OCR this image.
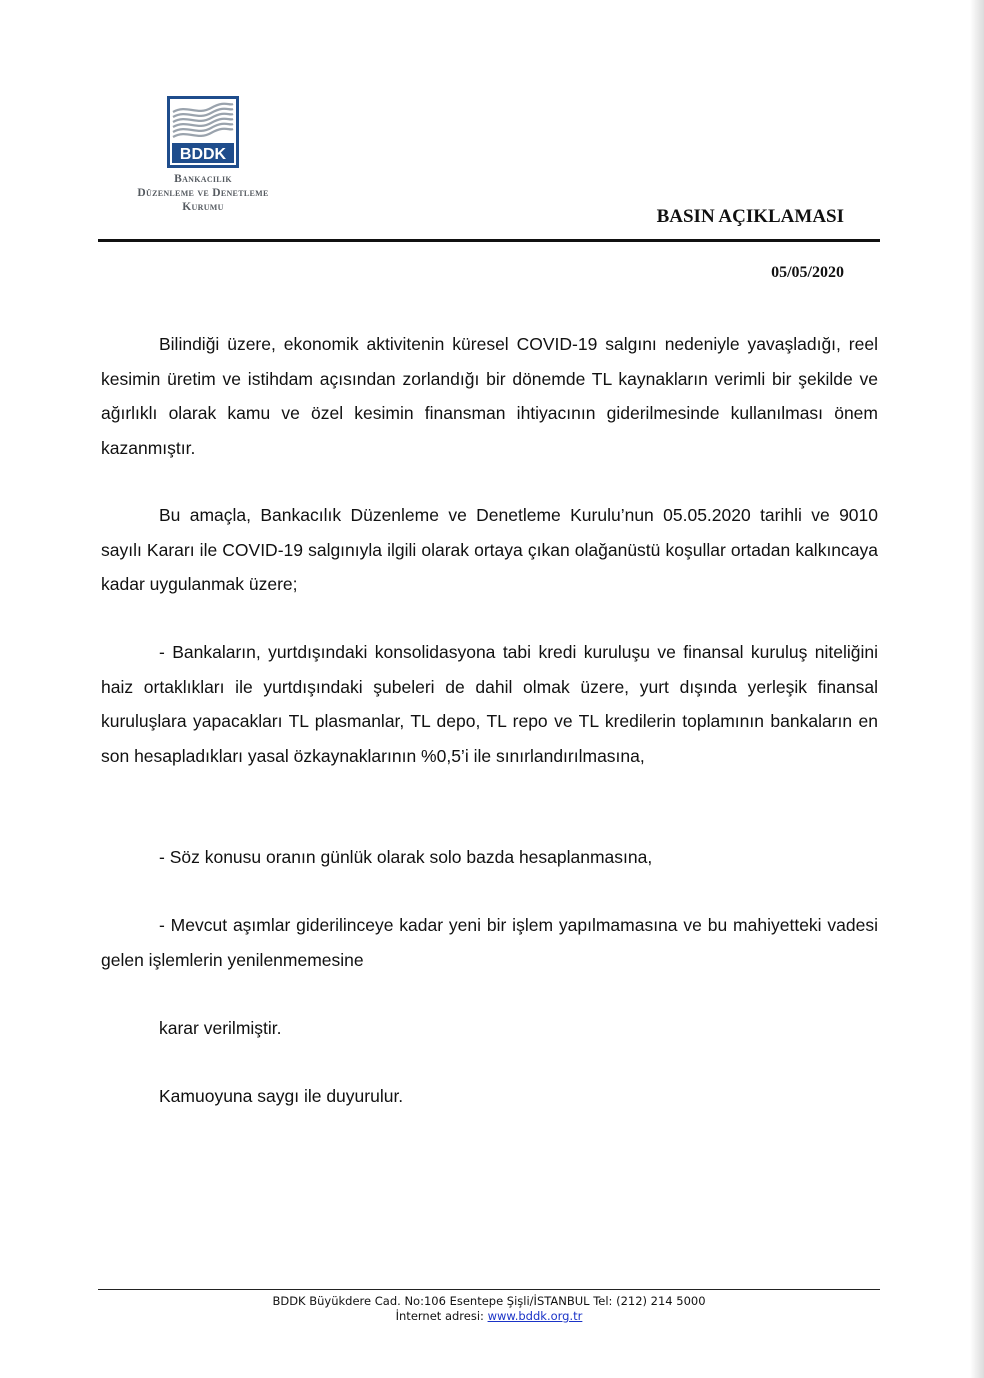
BDDK
Bankacılık
Düzenleme ve Denetleme
Kurumu	BASIN AÇIKLAMASI
05/05/2020

Bilindiği üzere, ekonomik aktivitenin küresel COVID-19 salgını nedeniyle yavaşladığı, reel kesimin üretim ve istihdam açısından zorlandığı bir dönemde TL kaynakların verimli bir şekilde ve ağırlıklı olarak kamu ve özel kesimin finansman ihtiyacının giderilmesinde kullanılması önem kazanmıştır.

Bu amaçla, Bankacılık Düzenleme ve Denetleme Kurulu’nun 05.05.2020 tarihli ve 9010 sayılı Kararı ile COVID-19 salgınıyla ilgili olarak ortaya çıkan olağanüstü koşullar ortadan kalkıncaya kadar uygulanmak üzere;

- Bankaların, yurtdışındaki konsolidasyona tabi kredi kuruluşu ve finansal kuruluş niteliğini haiz ortaklıkları ile yurtdışındaki şubeleri de dahil olmak üzere, yurt dışında yerleşik finansal kuruluşlara yapacakları TL plasmanlar, TL depo, TL repo ve TL kredilerin toplamının bankaların en son hesapladıkları yasal özkaynaklarının %0,5’i ile sınırlandırılmasına,

- Söz konusu oranın günlük olarak solo bazda hesaplanmasına,

- Mevcut aşımlar giderilinceye kadar yeni bir işlem yapılmamasına ve bu mahiyetteki vadesi gelen işlemlerin yenilenmemesine

karar verilmiştir.

Kamuoyuna saygı ile duyurulur.

BDDK Büyükdere Cad. No:106 Esentepe Şişli/İSTANBUL Tel: (212) 214 5000
İnternet adresi: www.bddk.org.tr
